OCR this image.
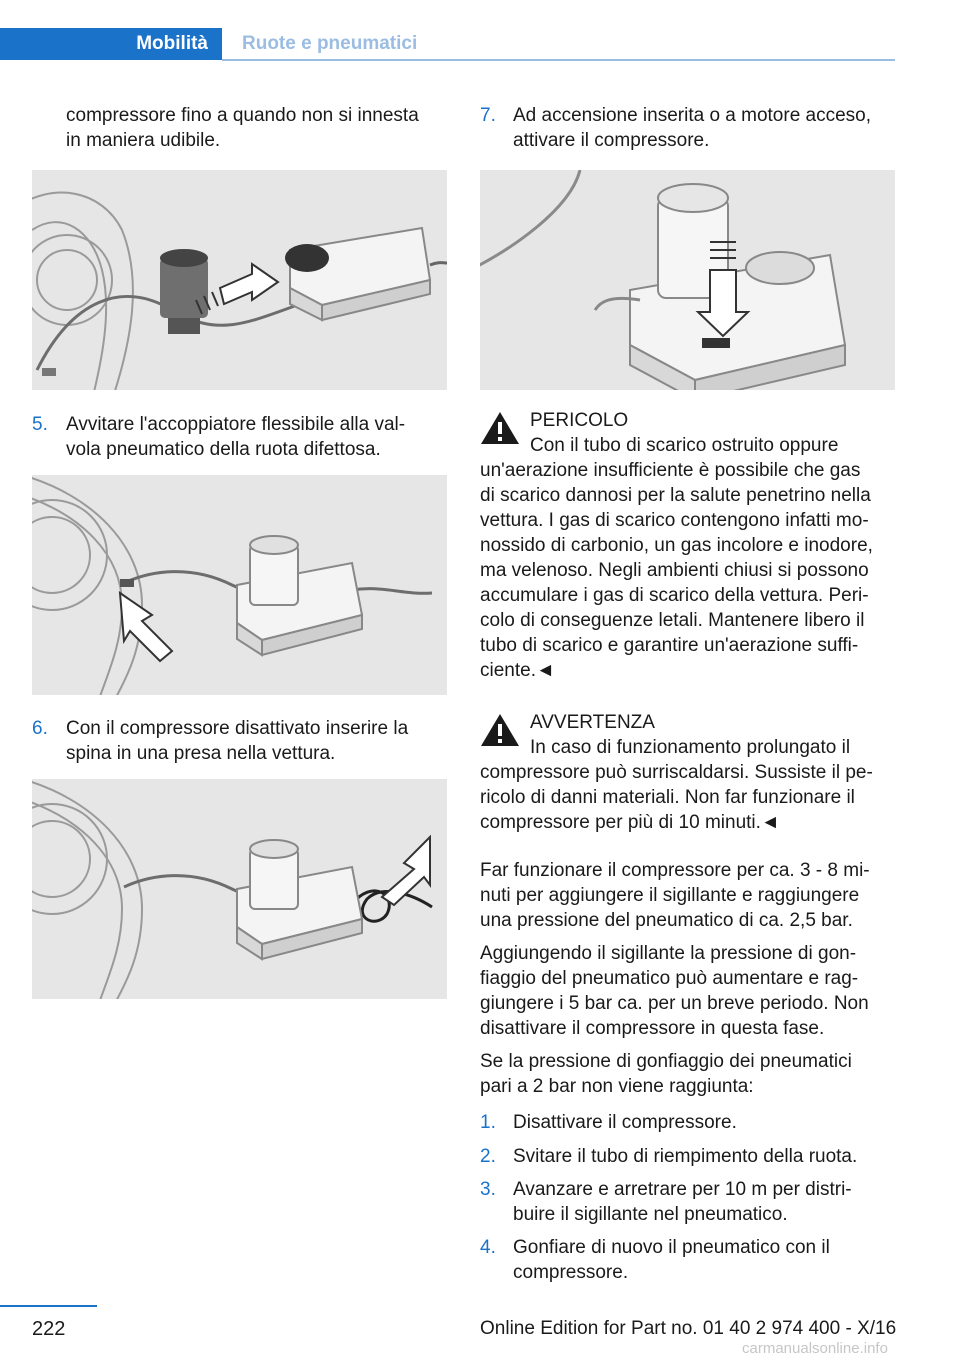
Mobilità	Ruote e pneumatici
compressore fino a quando non si innesta
in maniera udibile.
5. Avvitare l'accoppiatore flessibile alla val‐
vola pneumatico della ruota difettosa.
6. Con il compressore disattivato inserire la
spina in una presa nella vettura.
7. Ad accensione inserita o a motore acceso,
attivare il compressore.
PERICOLO
Con il tubo di scarico ostruito oppure
un'aerazione insufficiente è possibile che gas
di scarico dannosi per la salute penetrino nella
vettura. I gas di scarico contengono infatti mo‐
nossido di carbonio, un gas incolore e inodore,
ma velenoso. Negli ambienti chiusi si possono
accumulare i gas di scarico della vettura. Peri‐
colo di conseguenze letali. Mantenere libero il
tubo di scarico e garantire un'aerazione suffi‐
ciente.◄
AVVERTENZA
In caso di funzionamento prolungato il
compressore può surriscaldarsi. Sussiste il pe‐
ricolo di danni materiali. Non far funzionare il
compressore per più di 10 minuti.◄
Far funzionare il compressore per ca. 3 - 8 mi‐
nuti per aggiungere il sigillante e raggiungere
una pressione del pneumatico di ca. 2,5 bar.
Aggiungendo il sigillante la pressione di gon‐
fiaggio del pneumatico può aumentare e rag‐
giungere i 5 bar ca. per un breve periodo. Non
disattivare il compressore in questa fase.
Se la pressione di gonfiaggio dei pneumatici
pari a 2 bar non viene raggiunta:
1. Disattivare il compressore.
2. Svitare il tubo di riempimento della ruota.
3. Avanzare e arretrare per 10 m per distri‐
buire il sigillante nel pneumatico.
4. Gonfiare di nuovo il pneumatico con il
compressore.
222	Online Edition for Part no. 01 40 2 974 400 - X/16
carmanualsonline.info
